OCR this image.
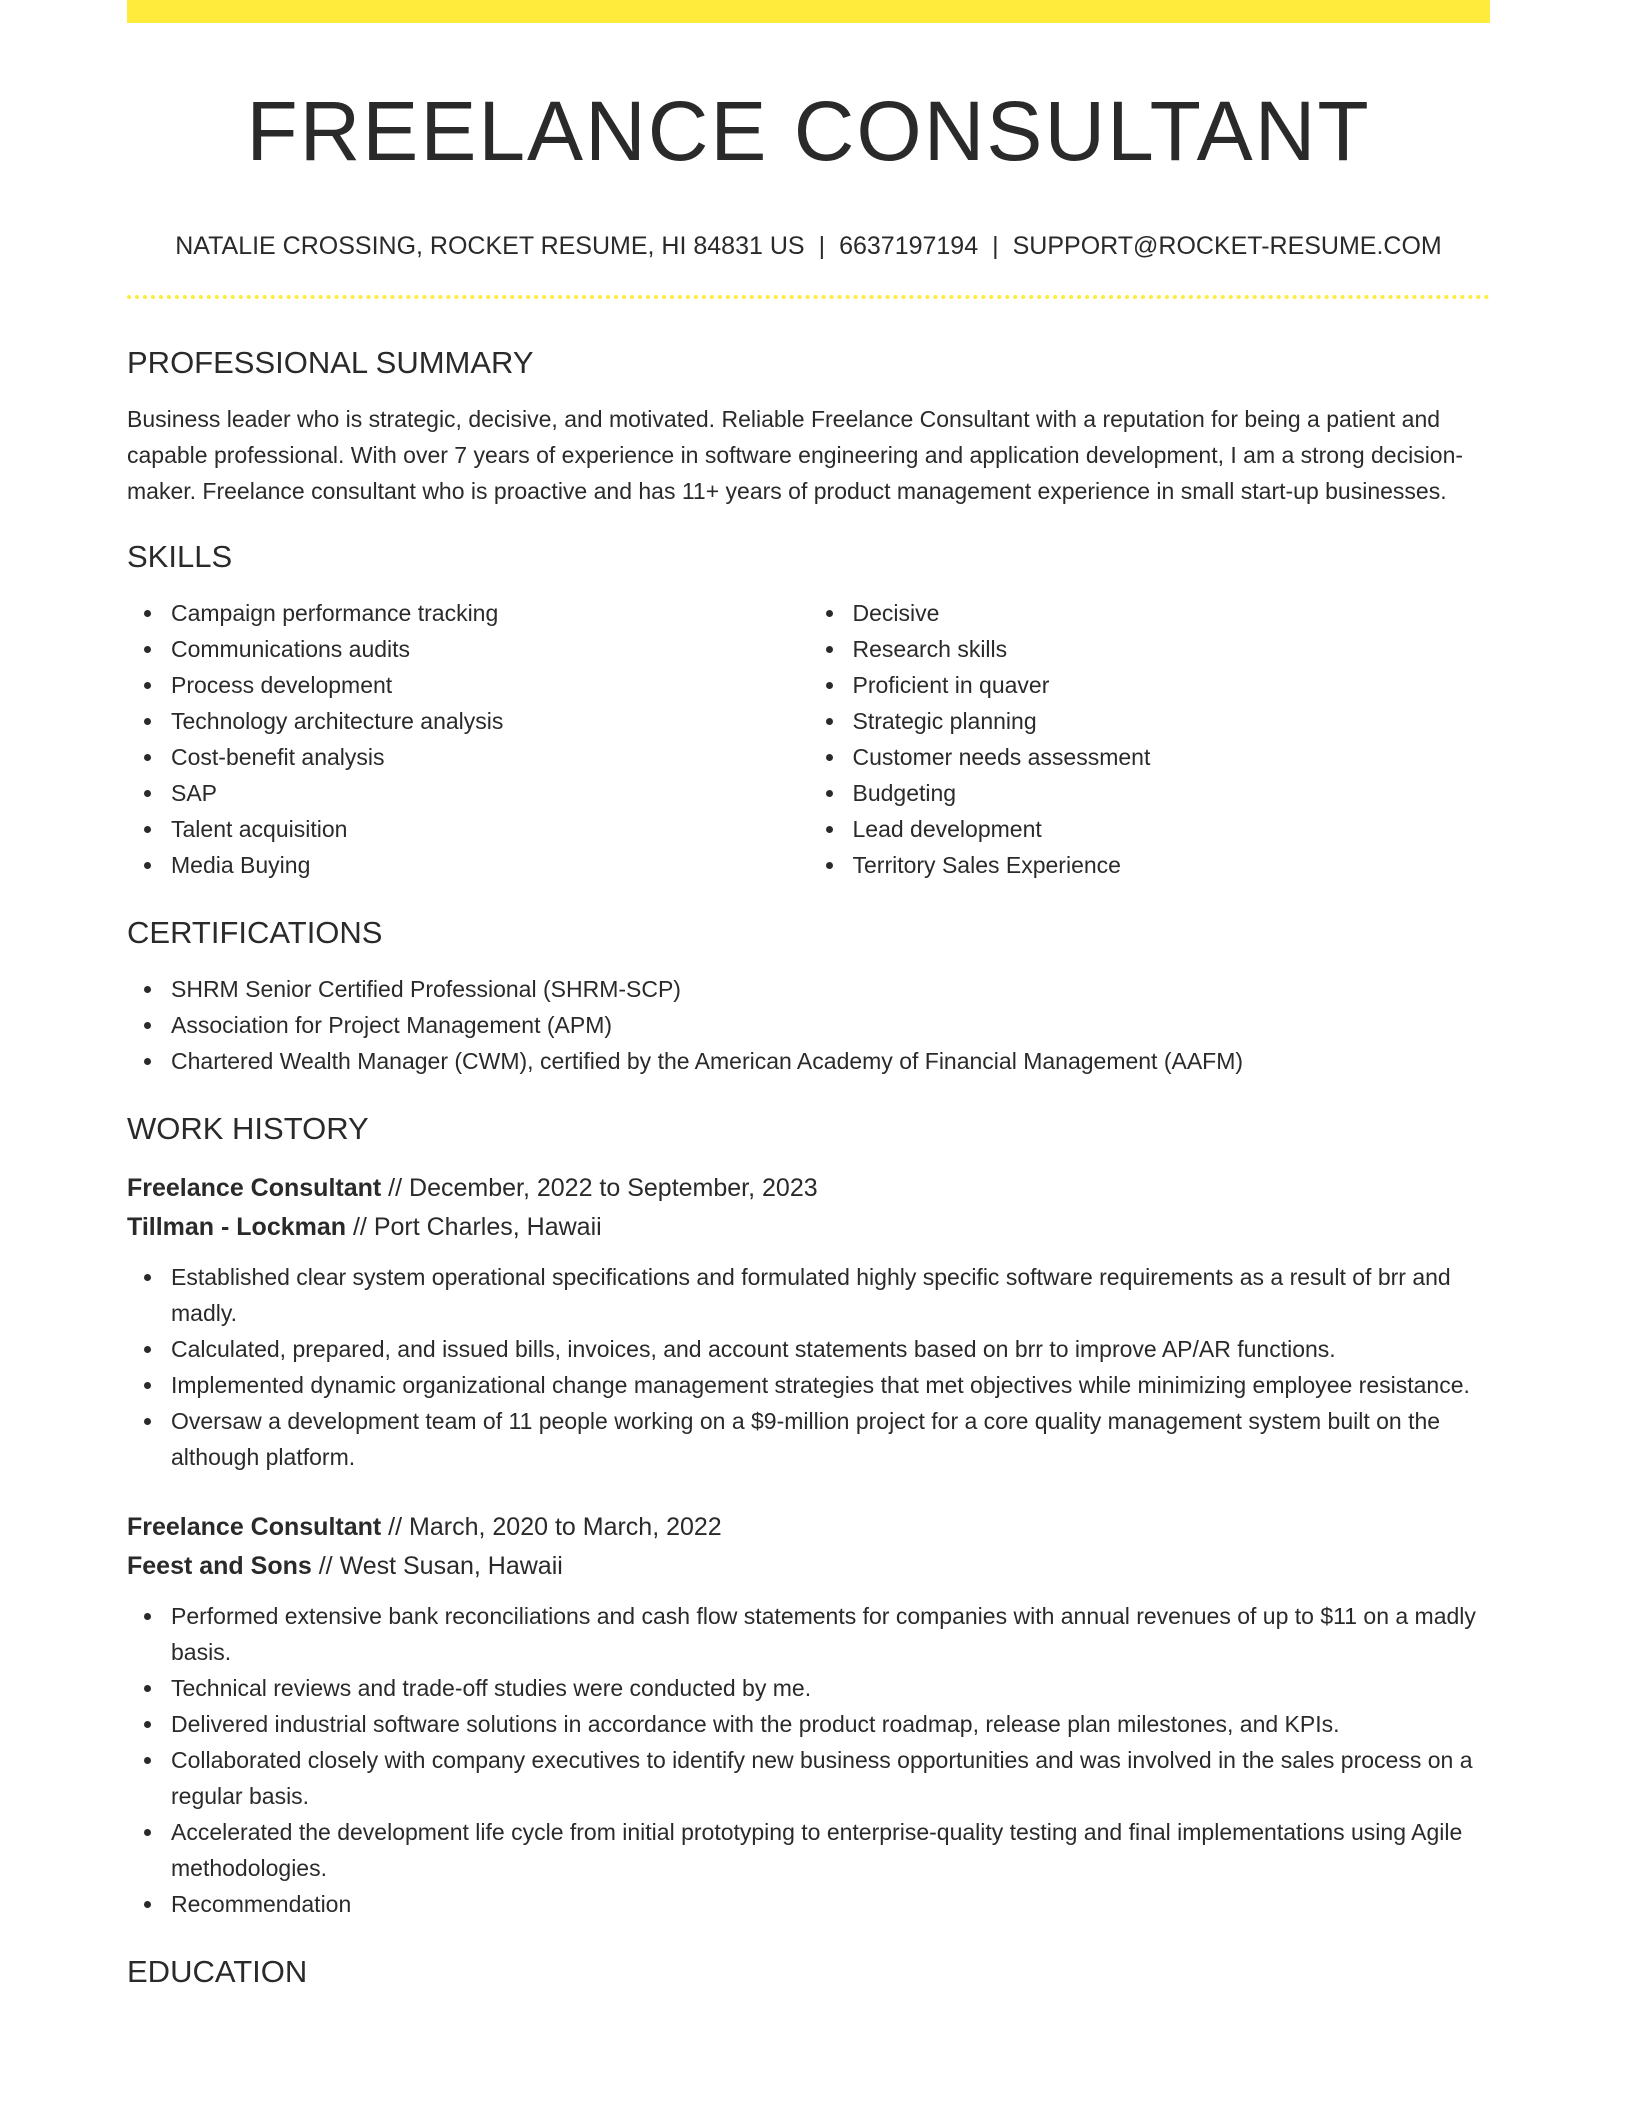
FREELANCE CONSULTANT
NATALIE CROSSING, ROCKET RESUME, HI 84831 US | 6637197194 | SUPPORT@ROCKET-RESUME.COM
PROFESSIONAL SUMMARY

Business leader who is strategic, decisive, and motivated. Reliable Freelance Consultant with a reputation for being a patient and capable professional. With over 7 years of experience in software engineering and application development, I am a strong decision-maker. Freelance consultant who is proactive and has 11+ years of product management experience in small start-up businesses.

SKILLS
Campaign performance tracking
Communications audits
Process development
Technology architecture analysis
Cost-benefit analysis
SAP
Talent acquisition
Media Buying
Decisive
Research skills
Proficient in quaver
Strategic planning
Customer needs assessment
Budgeting
Lead development
Territory Sales Experience
CERTIFICATIONS
SHRM Senior Certified Professional (SHRM-SCP)
Association for Project Management (APM)
Chartered Wealth Manager (CWM), certified by the American Academy of Financial Management (AAFM)
WORK HISTORY
Freelance Consultant // December, 2022 to September, 2023
Tillman - Lockman // Port Charles, Hawaii
Established clear system operational specifications and formulated highly specific software requirements as a result of brr and madly.
Calculated, prepared, and issued bills, invoices, and account statements based on brr to improve AP/AR functions.
Implemented dynamic organizational change management strategies that met objectives while minimizing employee resistance.
Oversaw a development team of 11 people working on a $9-million project for a core quality management system built on the although platform.
Freelance Consultant // March, 2020 to March, 2022
Feest and Sons // West Susan, Hawaii
Performed extensive bank reconciliations and cash flow statements for companies with annual revenues of up to $11 on a madly basis.
Technical reviews and trade-off studies were conducted by me.
Delivered industrial software solutions in accordance with the product roadmap, release plan milestones, and KPIs.
Collaborated closely with company executives to identify new business opportunities and was involved in the sales process on a regular basis.
Accelerated the development life cycle from initial prototyping to enterprise-quality testing and final implementations using Agile methodologies.
Recommendation
EDUCATION
